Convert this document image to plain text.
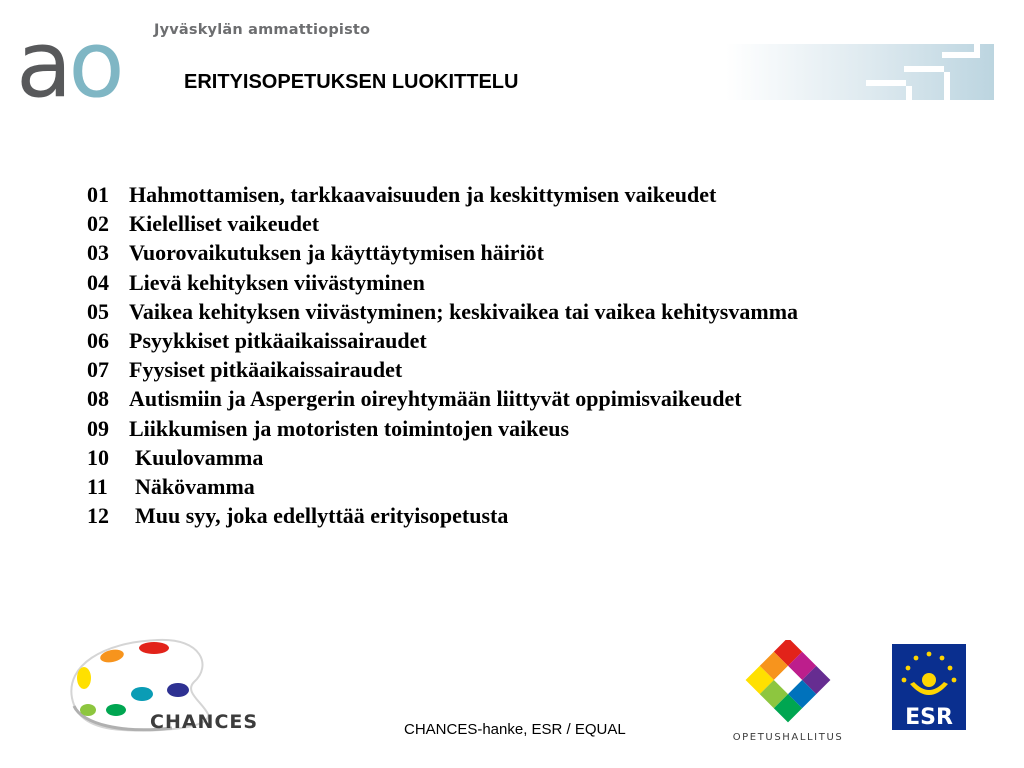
ao Jyväskylän ammattiopisto
ERITYISOPETUKSEN LUOKITTELU
01 Hahmottamisen, tarkkaavaisuuden ja keskittymisen vaikeudet
02 Kielelliset vaikeudet
03 Vuorovaikutuksen ja käyttäytymisen häiriöt
04 Lievä kehityksen viivästyminen
05 Vaikea kehityksen viivästyminen; keskivaikea tai vaikea kehitysvamma
06 Psyykkiset pitkäaikaissairaudet
07 Fyysiset pitkäaikaissairaudet
08 Autismiin ja Aspergerin oireyhtymään liittyvät oppimisvaikeudet
09 Liikkumisen ja motoristen toimintojen vaikeus
10 Kuulovamma
11 Näkövamma
12 Muu syy, joka edellyttää erityisopetusta
CHANCES	CHANCES-hanke, ESR / EQUAL	OPETUSHALLITUS
ESR
